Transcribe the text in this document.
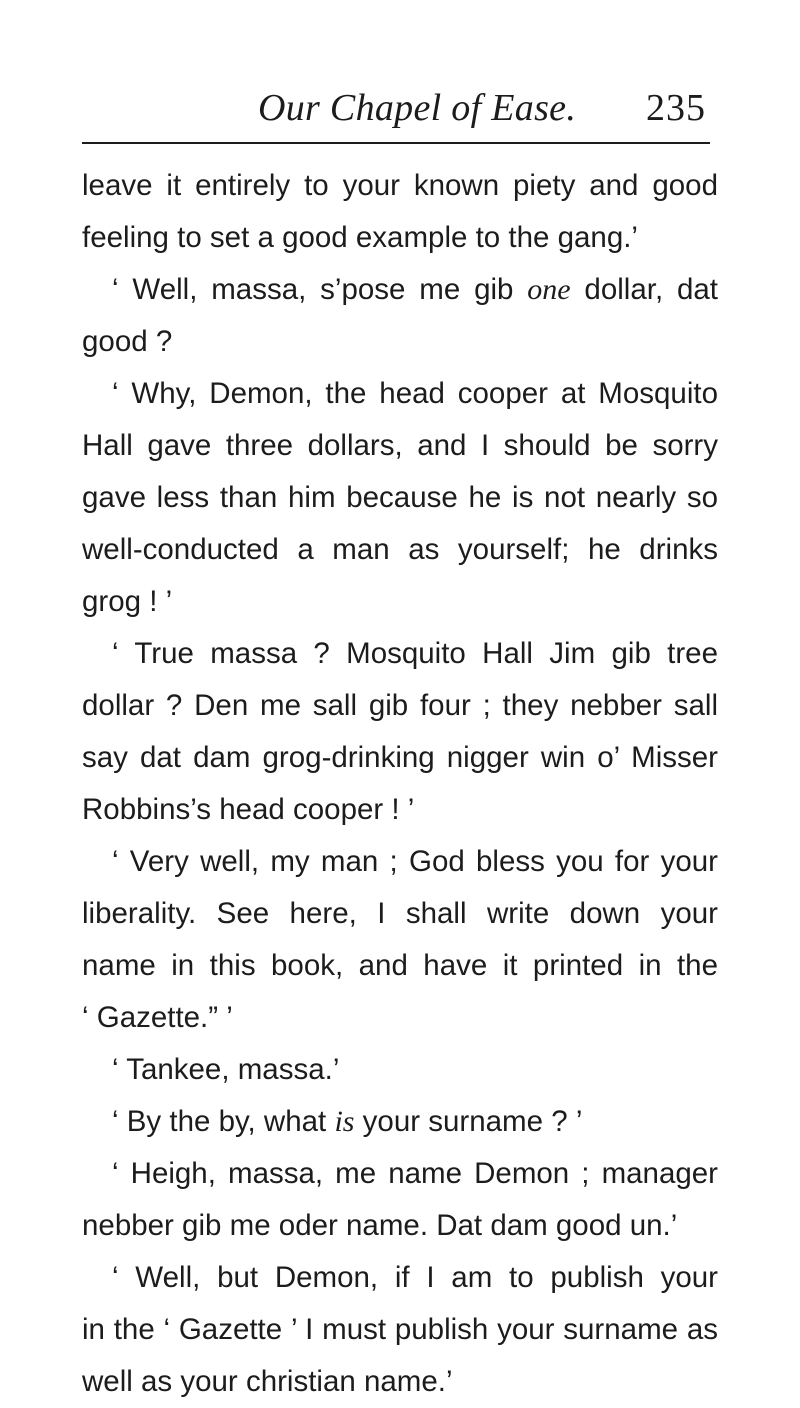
Our Chapel of Ease. 235
leave it entirely to your known piety and good
feeling to set a good example to the gang.’
‘ Well, massa, s’pose me gib one dollar, dat
good ?
‘ Why, Demon, the head cooper at Mosquito
Hall gave three dollars, and I should be sorry
gave less than him because he is not nearly so
well-conducted a man as yourself; he drinks
grog ! ’
‘ True massa ? Mosquito Hall Jim gib tree
dollar ? Den me sall gib four ; they nebber sall
say dat dam grog-drinking nigger win o’ Misser
Robbins’s head cooper ! ’
‘ Very well, my man ; God bless you for your
liberality. See here, I shall write down your
name in this book, and have it printed in the
‘ Gazette.” ’
‘ Tankee, massa.’
‘ By the by, what is your surname ? ’
‘ Heigh, massa, me name Demon ; manager
nebber gib me oder name. Dat dam good un.’
‘ Well, but Demon, if I am to publish your
in the ‘ Gazette ’ I must publish your surname as
well as your christian name.’
